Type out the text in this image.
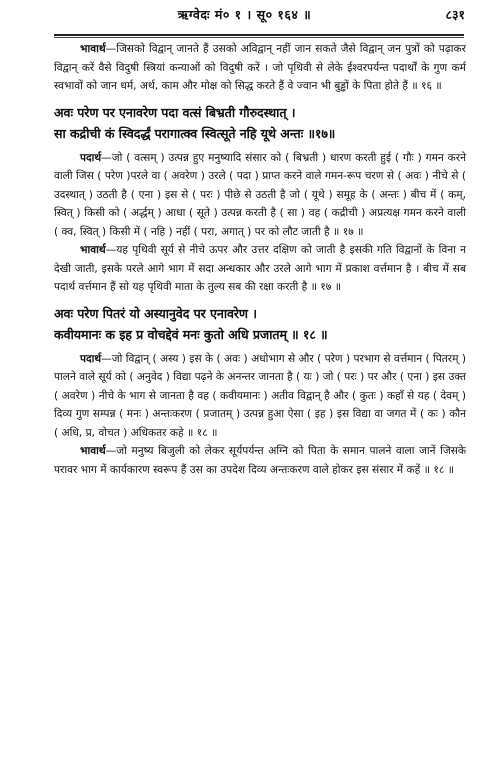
ऋग्वेदः मं० १ । सू० १६४ ॥	८३१

भावार्थ—जिसको विद्वान् जानते हैं उसको अविद्वान् नहीं जान सकते जैसे विद्वान् जन पुत्रों को पढ़ाकर विद्वान् करें वैसे विदुषी स्त्रियां कन्याओं को विदुषी करें । जो पृथिवी से लेके ईश्वरपर्यन्त पदार्थों के गुण कर्म स्वभावों को जान धर्म, अर्थ, काम और मोक्ष को सिद्ध करते हैं वे ज्वान भी बुड्ढों के पिता होते हैं ॥ १६ ॥

अवः परेण पर एनावरेण पदा वत्सं बिभ्रती गौरुदस्थात् ।
सा कद्रीची कं स्विदर्द्धं परागात्क्व स्वित्सूते नहि यूथे अन्तः ॥१७॥

पदार्थ—जो ( वत्सम् ) उत्पन्न हुए मनुष्यादि संसार को ( बिभ्रती ) धारण करती हुई ( गौः ) गमन करने वाली जिस ( परेण )परले वा ( अवरेण ) उरले ( पदा ) प्राप्त करने वाले गमन-रूप चरण से ( अवः ) नीचे से ( उदस्थात् ) उठती है ( एना ) इस से ( परः ) पीछे से उठती है जो ( यूथे ) समूह के ( अन्तः ) बीच में ( कम्, स्वित् ) किसी को ( अर्द्धम् ) आधा ( सूते ) उत्पन्न करती है ( सा ) वह ( कद्रीची ) अप्रत्यक्ष गमन करने वाली ( क्व, स्वित् ) किसी में ( नहि ) नहीं ( परा, अगात् ) पर को लौट जाती है ॥ १७ ॥

भावार्थ—यह पृथिवी सूर्य से नीचे ऊपर और उत्तर दक्षिण को जाती है इसकी गति विद्वानों के विना न देखी जाती, इसके परले आगे भाग में सदा अन्धकार और उरले आगे भाग में प्रकाश वर्त्तमान है । बीच में सब पदार्थ वर्त्तमान हैं सो यह पृथिवी माता के तुल्य सब की रक्षा करती है ॥ १७ ॥

अवः परेण पितरं यो अस्यानुवेद पर एनावरेण ।
कवीयमानः क इह प्र वोचद्देवं मनः कुतो अधि प्रजातम् ॥ १८ ॥

पदार्थ—जो विद्वान् ( अस्य ) इस के ( अवः ) अधोभाग से और ( परेण ) परभाग से वर्त्तमान ( पितरम् ) पालने वाले सूर्य को ( अनुवेद ) विद्या पढ़ने के अनन्तर जानता है ( यः ) जो ( परः ) पर और ( एना ) इस उक्त ( अवरेण ) नीचे के भाग से जानता है वह ( कवीयमानः ) अतीव विद्वान् है और ( कुतः ) कहाँ से यह ( देवम् ) दिव्य गुण सम्पन्न ( मनः ) अन्तःकरण ( प्रजातम् ) उत्पन्न हुआ ऐसा ( इह ) इस विद्या वा जगत में ( कः ) कौन ( अधि, प्र, वोचत ) अधिकतर कहे ॥ १८ ॥

भावार्थ—जो मनुष्य बिजुली को लेकर सूर्यपर्यन्त अग्नि को पिता के समान पालने वाला जानें जिसके परावर भाग में कार्यकारण स्वरूप हैं उस का उपदेश दिव्य अन्तःकरण वाले होकर इस संसार में कहें ॥ १८ ॥
